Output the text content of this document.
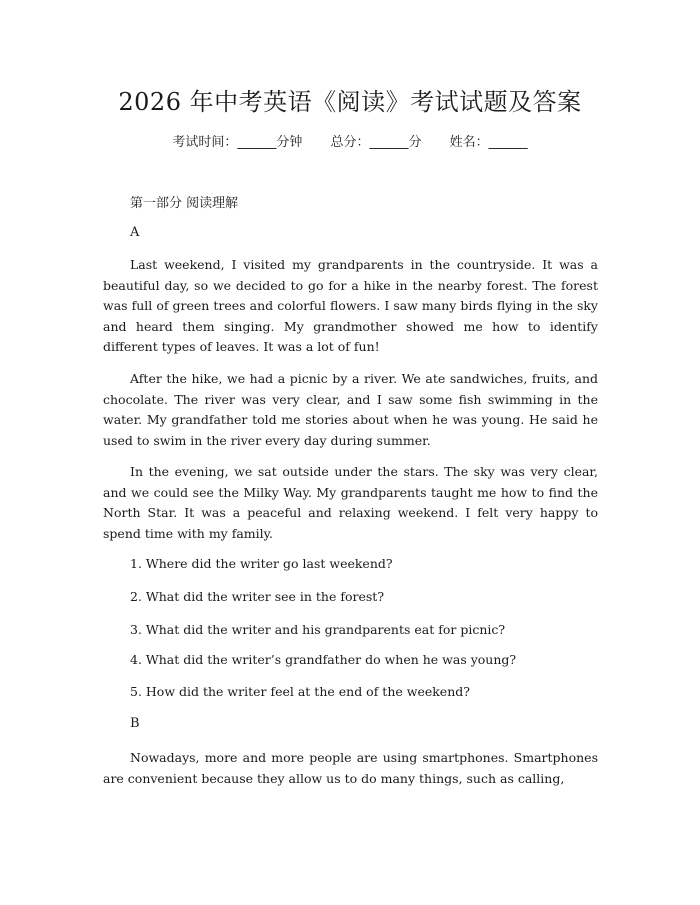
2026 年中考英语《阅读》考试试题及答案
考试时间：______分钟 总分：______分 姓名：______
第一部分 阅读理解
A

Last weekend, I visited my grandparents in the countryside. It was a beautiful day, so we decided to go for a hike in the nearby forest. The forest was full of green trees and colorful flowers. I saw many birds flying in the sky and heard them singing. My grandmother showed me how to identify different types of leaves. It was a lot of fun!

After the hike, we had a picnic by a river. We ate sandwiches, fruits, and chocolate. The river was very clear, and I saw some fish swimming in the water. My grandfather told me stories about when he was young. He said he used to swim in the river every day during summer.

In the evening, we sat outside under the stars. The sky was very clear, and we could see the Milky Way. My grandparents taught me how to find the North Star. It was a peaceful and relaxing weekend. I felt very happy to spend time with my family.

1. Where did the writer go last weekend?
2. What did the writer see in the forest?
3. What did the writer and his grandparents eat for picnic?
4. What did the writer’s grandfather do when he was young?
5. How did the writer feel at the end of the weekend?
B

Nowadays, more and more people are using smartphones. Smartphones are convenient because they allow us to do many things, such as calling,
